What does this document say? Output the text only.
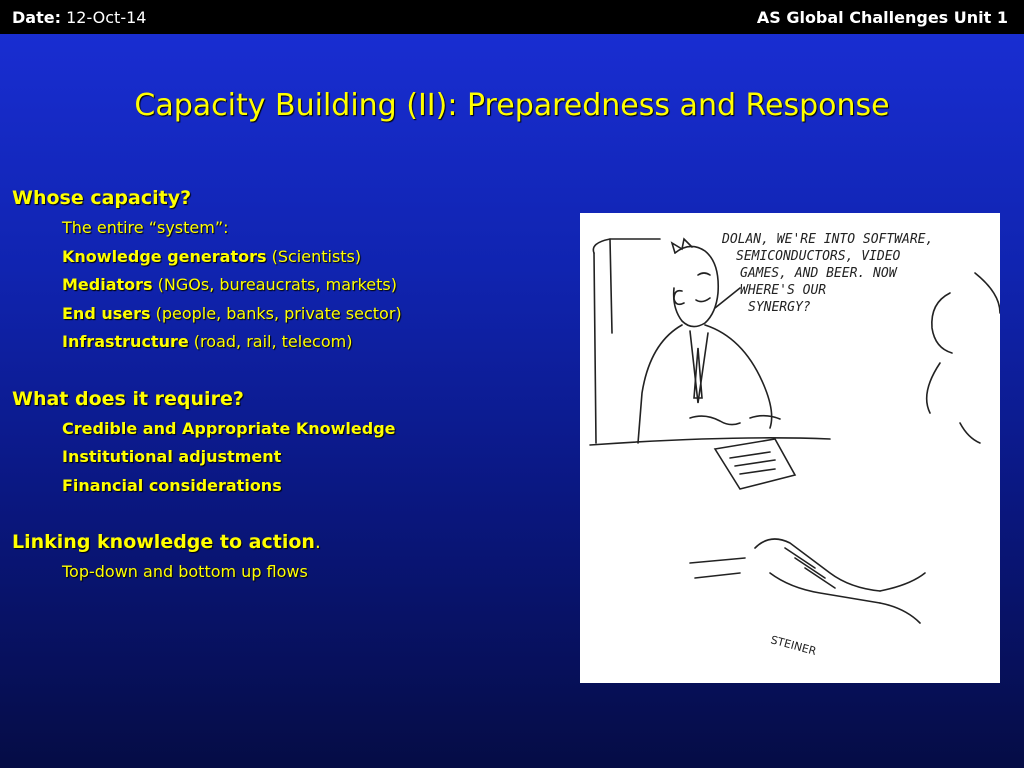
Date: 12-Oct-14	AS Global Challenges Unit 1
Capacity Building (II): Preparedness and Response

Whose capacity?

The entire “system”:
Knowledge generators (Scientists)
Mediators (NGOs, bureaucrats, markets)
End users (people, banks, private sector)
Infrastructure (road, rail, telecom)

What does it require?

Credible and Appropriate Knowledge
Institutional adjustment
Financial considerations

Linking knowledge to action.

Top-down and bottom up flows
DOLAN, WE'RE INTO SOFTWARE,
SEMICONDUCTORS, VIDEO
GAMES, AND BEER. NOW
WHERE'S OUR
SYNERGY?
STEINER
